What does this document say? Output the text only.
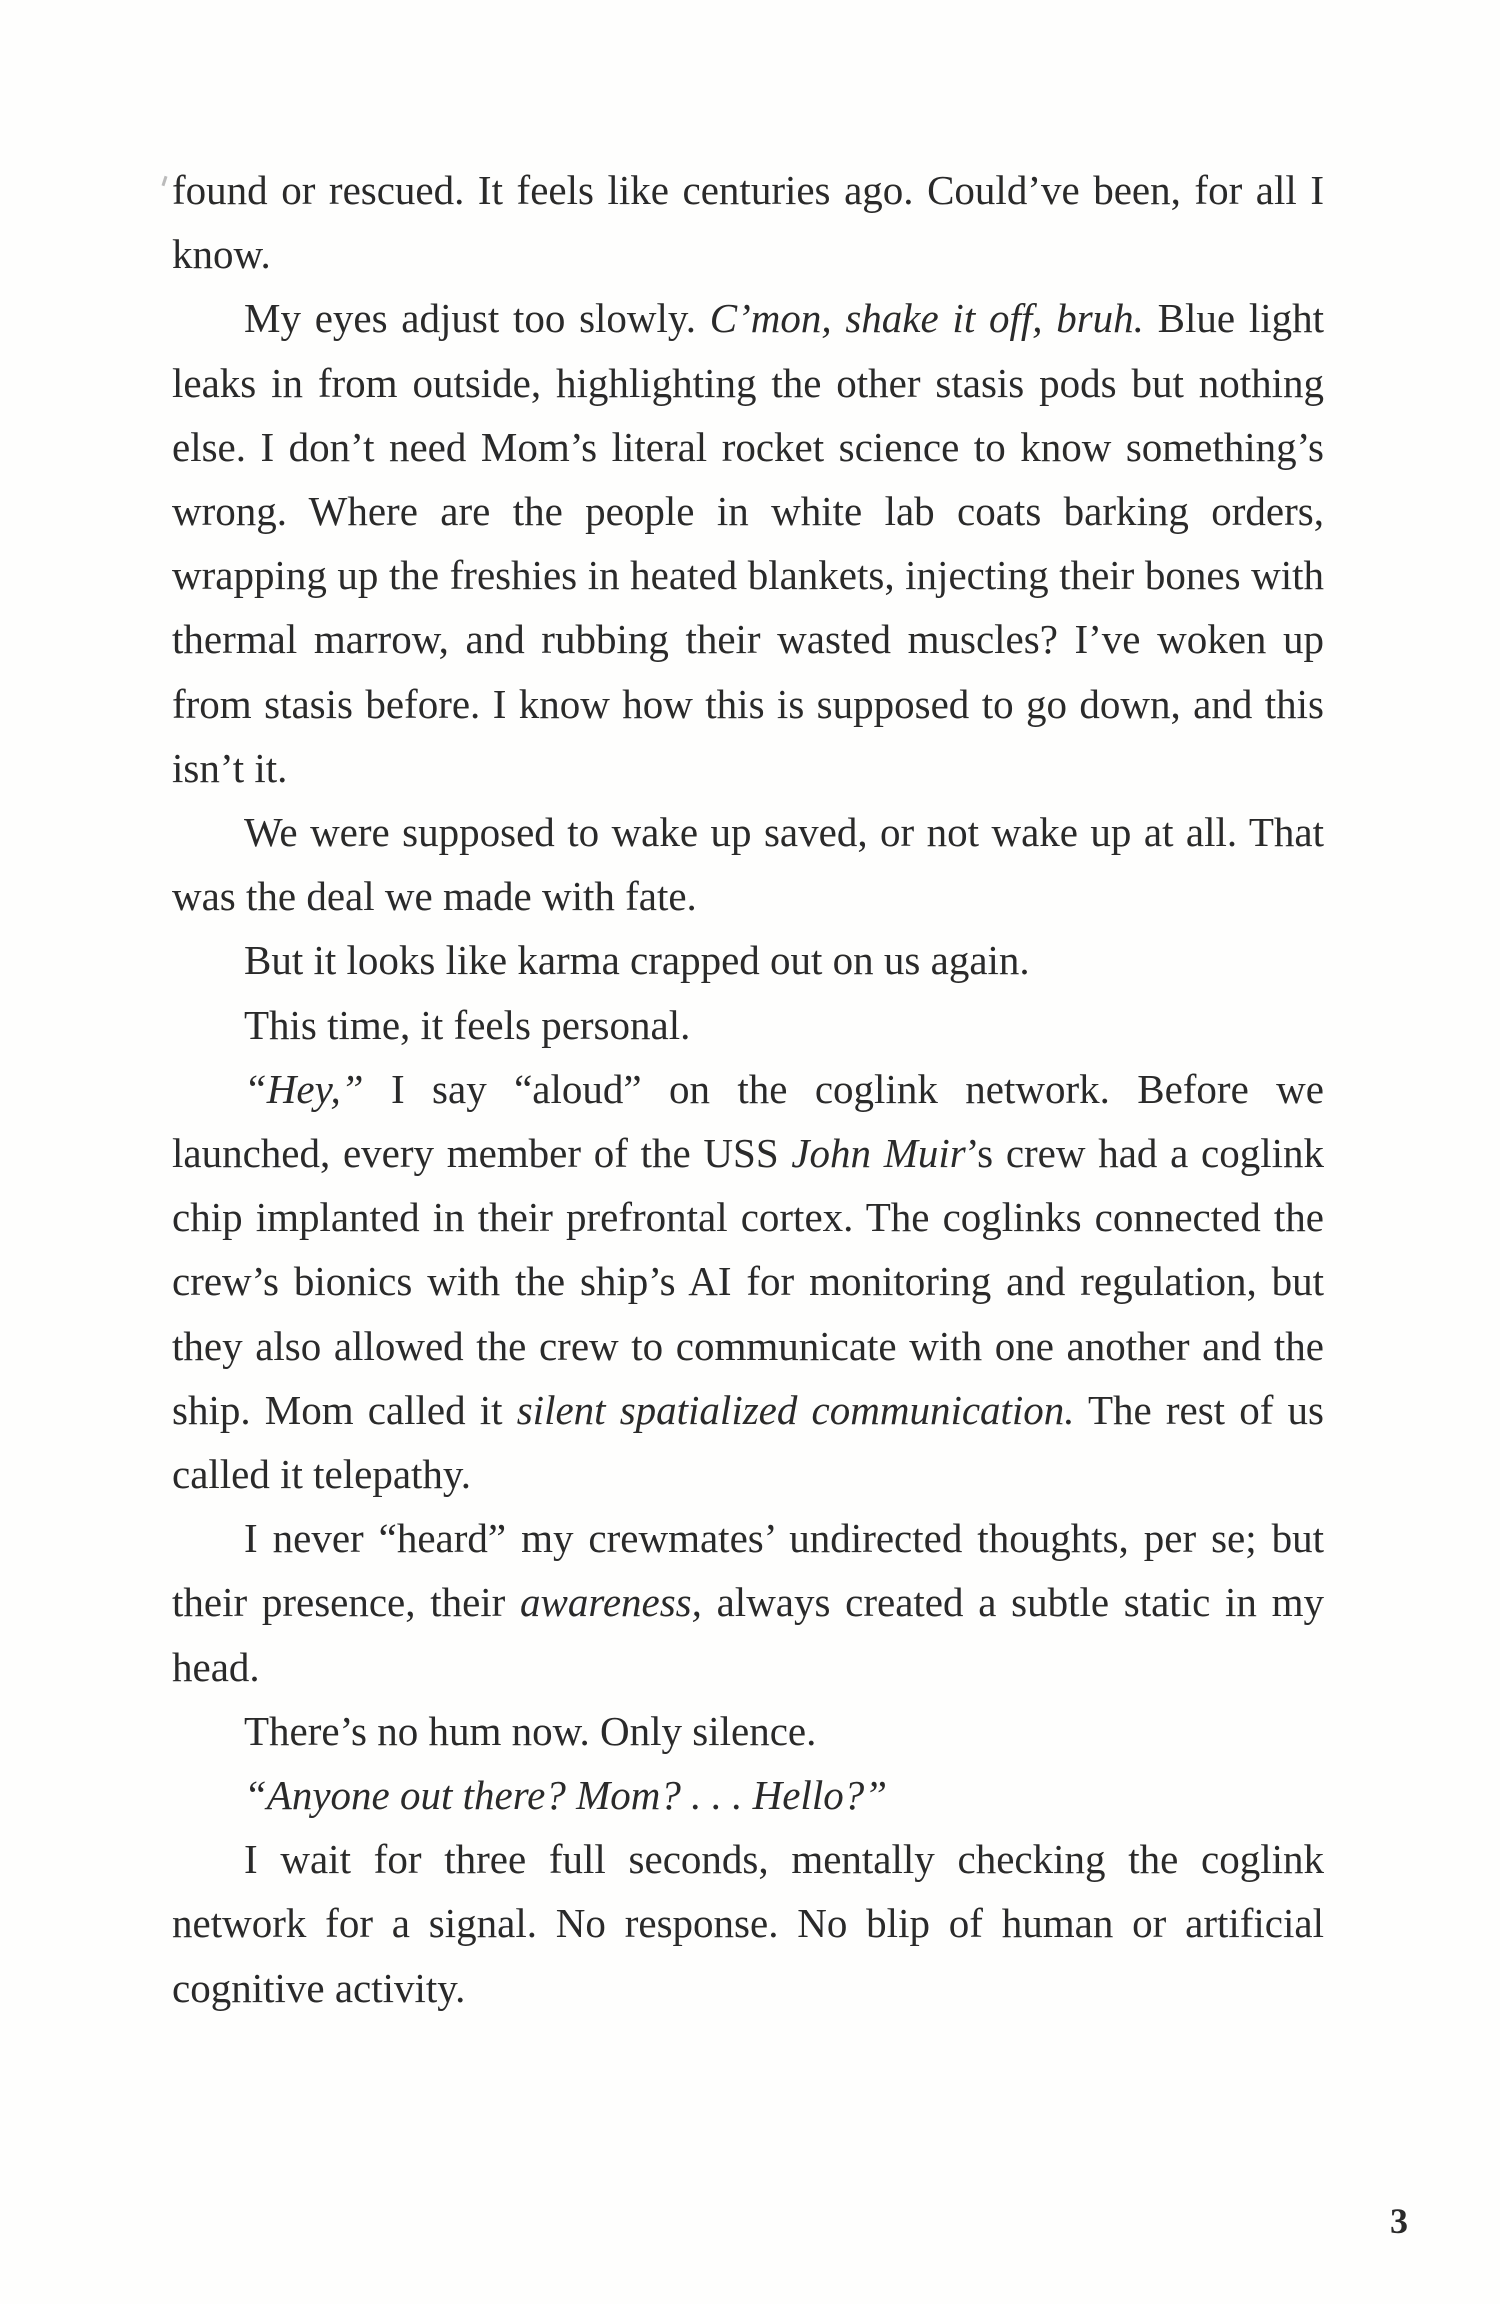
found or rescued. It feels like centuries ago. Could’ve been, for all I know.

My eyes adjust too slowly. C’mon, shake it off, bruh. Blue light leaks in from outside, highlighting the other stasis pods but nothing else. I don’t need Mom’s literal rocket science to know something’s wrong. Where are the people in white lab coats barking orders, wrapping up the freshies in heated blankets, injecting their bones with thermal marrow, and rubbing their wasted muscles? I’ve woken up from stasis before. I know how this is supposed to go down, and this isn’t it.

We were supposed to wake up saved, or not wake up at all. That was the deal we made with fate.

But it looks like karma crapped out on us again.

This time, it feels personal.

“Hey,” I say “aloud” on the coglink network. Before we launched, every member of the USS John Muir’s crew had a coglink chip implanted in their prefrontal cortex. The coglinks connected the crew’s bionics with the ship’s AI for monitoring and regulation, but they also allowed the crew to communicate with one another and the ship. Mom called it silent spatialized communication. The rest of us called it telepathy.

I never “heard” my crewmates’ undirected thoughts, per se; but their presence, their awareness, always created a subtle static in my head.

There’s no hum now. Only silence.

“Anyone out there? Mom? . . . Hello?”

I wait for three full seconds, mentally checking the coglink network for a signal. No response. No blip of human or artificial cognitive activity.

3
